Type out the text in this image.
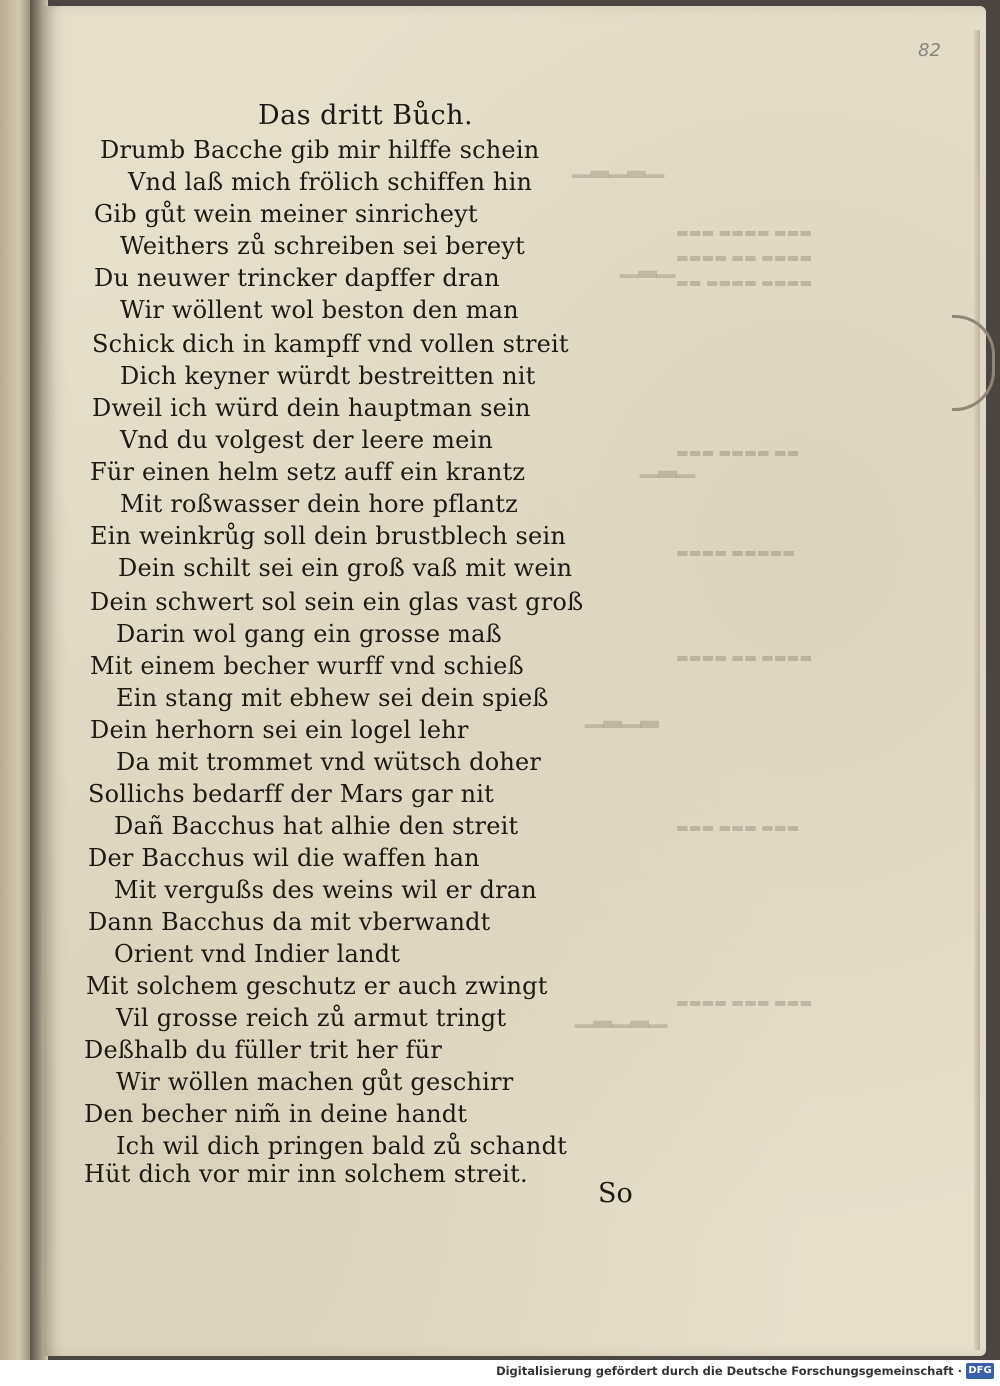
▁▂▁▂▁
▁▂▁
▁▂▁
▁▂▁▂
▁▂▁▂▁
▬▬▬ ▬▬▬▬ ▬▬▬
▬▬▬▬ ▬▬ ▬▬▬▬
▬▬ ▬▬▬▬ ▬▬▬▬
▬▬▬ ▬▬▬▬ ▬▬
▬▬▬▬ ▬▬▬▬▬
▬▬▬▬ ▬▬ ▬▬▬▬
▬▬▬ ▬▬▬ ▬▬▬
▬▬▬▬ ▬▬▬ ▬▬▬
82
Das dritt Bůch.
Drumb Bacche gib mir hilffe schein
Vnd laß mich frölich schiffen hin
Gib gůt wein meiner sinricheyt
Weithers zů schreiben sei bereyt
Du neuwer trincker dapffer dran
Wir wöllent wol beston den man
Schick dich in kampff vnd vollen streit
Dich keyner würdt bestreitten nit
Dweil ich würd dein hauptman sein
Vnd du volgest der leere mein
Für einen helm setz auff ein krantz
Mit roßwasser dein hore pflantz
Ein weinkrůg soll dein brustblech sein
Dein schilt sei ein groß vaß mit wein
Dein schwert sol sein ein glas vast groß
Darin wol gang ein grosse maß
Mit einem becher wurff vnd schieß
Ein stang mit ebhew sei dein spieß
Dein herhorn sei ein logel lehr
Da mit trommet vnd wütsch doher
Sollichs bedarff der Mars gar nit
Dañ Bacchus hat alhie den streit
Der Bacchus wil die waffen han
Mit vergußs des weins wil er dran
Dann Bacchus da mit vberwandt
Orient vnd Indier landt
Mit solchem geschutz er auch zwingt
Vil grosse reich zů armut tringt
Deßhalb du füller trit her für
Wir wöllen machen gůt geschirr
Den becher nim̃ in deine handt
Ich wil dich pringen bald zů schandt
Hüt dich vor mir inn solchem streit.
So
Digitalisierung gefördert durch die Deutsche Forschungsgemeinschaft · DFG
